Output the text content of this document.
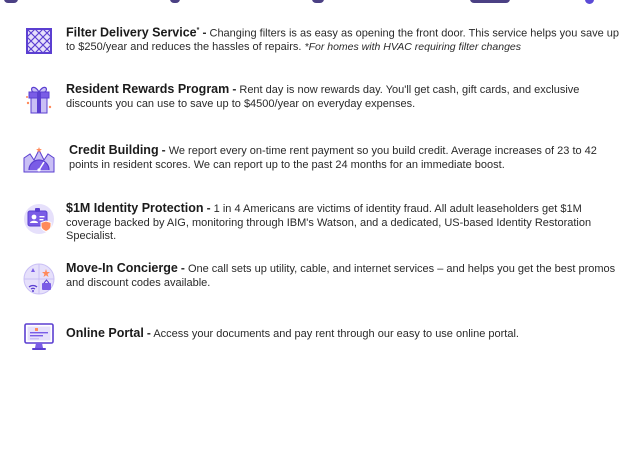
Filter Delivery Service* - Changing filters is as easy as opening the front door. This service helps you save up to $250/year and reduces the hassles of repairs. *For homes with HVAC requiring filter changes
Resident Rewards Program - Rent day is now rewards day. You'll get cash, gift cards, and exclusive discounts you can use to save up to $4500/year on everyday expenses.
Credit Building - We report every on-time rent payment so you build credit. Average increases of 23 to 42 points in resident scores. We can report up to the past 24 months for an immediate boost.
$1M Identity Protection - 1 in 4 Americans are victims of identity fraud. All adult leaseholders get $1M coverage backed by AIG, monitoring through IBM's Watson, and a dedicated, US-based Identity Restoration Specialist.
Move-In Concierge - One call sets up utility, cable, and internet services – and helps you get the best promos and discount codes available.
Online Portal - Access your documents and pay rent through our easy to use online portal.
